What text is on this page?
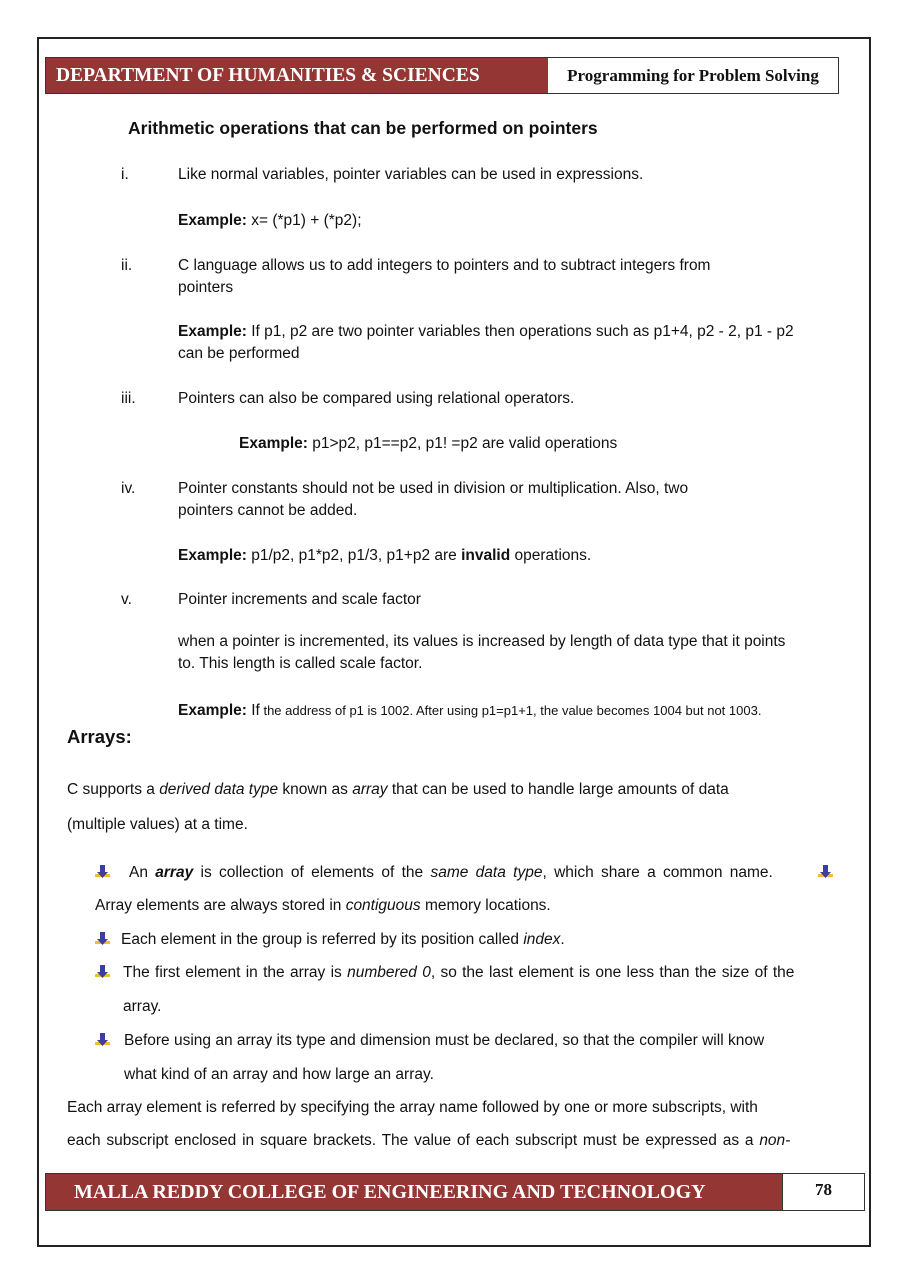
DEPARTMENT OF HUMANITIES & SCIENCES	Programming for Problem Solving
Arithmetic operations that can be performed on pointers
i.	Like normal variables, pointer variables can be used in expressions.
Example: x= (*p1) + (*p2);
ii.	C language allows us to add integers to pointers and to subtract integers from
pointers
Example: If p1, p2 are two pointer variables then operations such as p1+4, p2 - 2, p1 - p2
can be performed
iii.	Pointers can also be compared using relational operators.
Example: p1>p2, p1==p2, p1! =p2 are valid operations
iv.	Pointer constants should not be used in division or multiplication. Also, two
pointers cannot be added.
Example: p1/p2, p1*p2, p1/3, p1+p2 are invalid operations.
v.	Pointer increments and scale factor
when a pointer is incremented, its values is increased by length of data type that it points
to. This length is called scale factor.
Example: If the address of p1 is 1002. After using p1=p1+1, the value becomes 1004 but not 1003.
Arrays:
C supports a derived data type known as array that can be used to handle large amounts of data
(multiple values) at a time.
An array is collection of elements of the same data type, which share a common name.
Array elements are always stored in contiguous memory locations.
Each element in the group is referred by its position called index.
The first element in the array is numbered 0, so the last element is one less than the size of the
array.
Before using an array its type and dimension must be declared, so that the compiler will know
what kind of an array and how large an array.
Each array element is referred by specifying the array name followed by one or more subscripts, with
each subscript enclosed in square brackets. The value of each subscript must be expressed as a non-
MALLA REDDY COLLEGE OF ENGINEERING AND TECHNOLOGY	78
